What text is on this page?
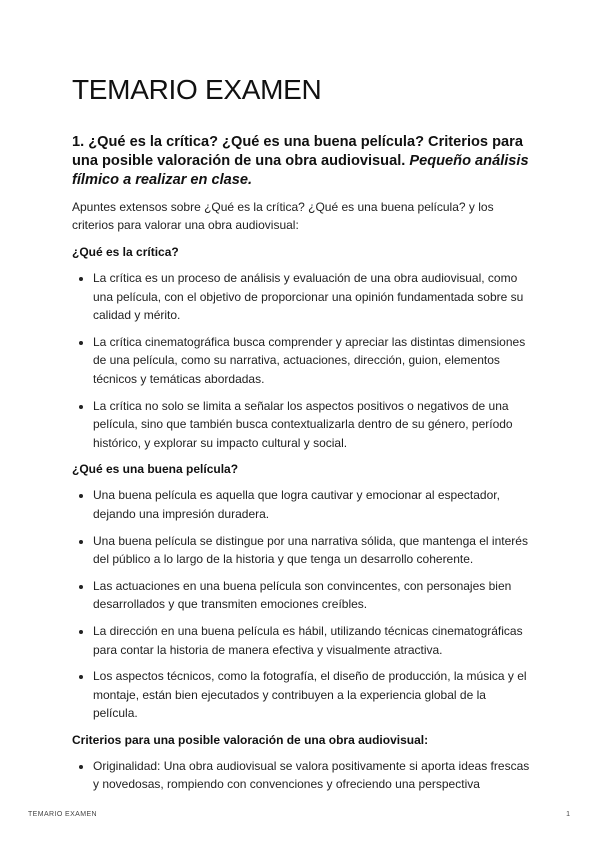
TEMARIO EXAMEN
1. ¿Qué es la crítica? ¿Qué es una buena película? Criterios para una posible valoración de una obra audiovisual. Pequeño análisis fílmico a realizar en clase.

Apuntes extensos sobre ¿Qué es la crítica? ¿Qué es una buena película? y los criterios para valorar una obra audiovisual:

¿Qué es la crítica?

La crítica es un proceso de análisis y evaluación de una obra audiovisual, como una película, con el objetivo de proporcionar una opinión fundamentada sobre su calidad y mérito.
La crítica cinematográfica busca comprender y apreciar las distintas dimensiones de una película, como su narrativa, actuaciones, dirección, guion, elementos técnicos y temáticas abordadas.
La crítica no solo se limita a señalar los aspectos positivos o negativos de una película, sino que también busca contextualizarla dentro de su género, período histórico, y explorar su impacto cultural y social.

¿Qué es una buena película?

Una buena película es aquella que logra cautivar y emocionar al espectador, dejando una impresión duradera.
Una buena película se distingue por una narrativa sólida, que mantenga el interés del público a lo largo de la historia y que tenga un desarrollo coherente.
Las actuaciones en una buena película son convincentes, con personajes bien desarrollados y que transmiten emociones creíbles.
La dirección en una buena película es hábil, utilizando técnicas cinematográficas para contar la historia de manera efectiva y visualmente atractiva.
Los aspectos técnicos, como la fotografía, el diseño de producción, la música y el montaje, están bien ejecutados y contribuyen a la experiencia global de la película.

Criterios para una posible valoración de una obra audiovisual:

Originalidad: Una obra audiovisual se valora positivamente si aporta ideas frescas y novedosas, rompiendo con convenciones y ofreciendo una perspectiva
TEMARIO EXAMEN	1
